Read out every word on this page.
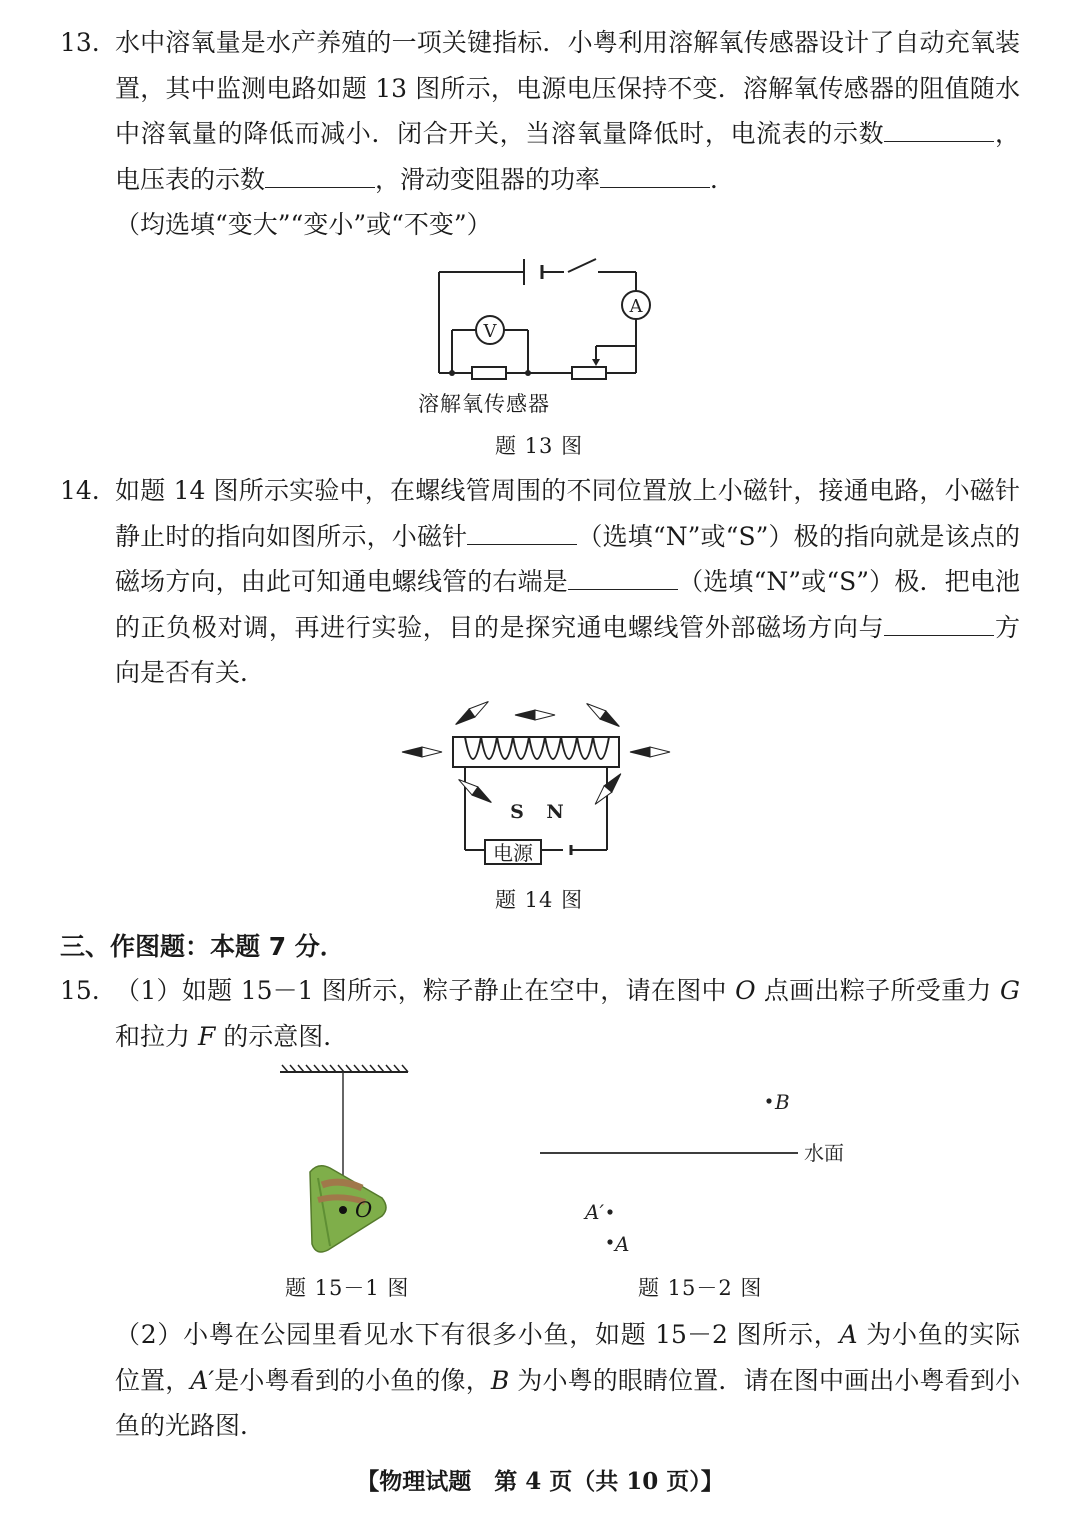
13. 水中溶氧量是水产养殖的一项关键指标．小粤利用溶解氧传感器设计了自动充氧装置，其中监测电路如题 13 图所示，电源电压保持不变．溶解氧传感器的阻值随水中溶氧量的降低而减小．闭合开关，当溶氧量降低时，电流表的示数	，电压表的示数	，滑动变阻器的功率	．
（均选填“变大”“变小”或“不变”）
V
A
溶解氧传感器
题 13 图
14. 如题 14 图所示实验中，在螺线管周围的不同位置放上小磁针，接通电路，小磁针静止时的指向如图所示，小磁针	（选填“N”或“S”）极的指向就是该点的磁场方向，由此可知通电螺线管的右端是	（选填“N”或“S”）极．把电池的正负极对调，再进行实验，目的是探究通电螺线管外部磁场方向与	方向是否有关．
S N
电源
题 14 图
三、作图题：本题 7 分．
15. （1）如题 15－1 图所示，粽子静止在空中，请在图中 O 点画出粽子所受重力 G 和拉力 F 的示意图．
O
题 15－1 图
B
水面
A′
A
题 15－2 图
（2）小粤在公园里看见水下有很多小鱼，如题 15－2 图所示，A 为小鱼的实际位置，A′是小粤看到的小鱼的像，B 为小粤的眼睛位置．请在图中画出小粤看到小鱼的光路图．
【物理试题　第 4 页（共 10 页）】
